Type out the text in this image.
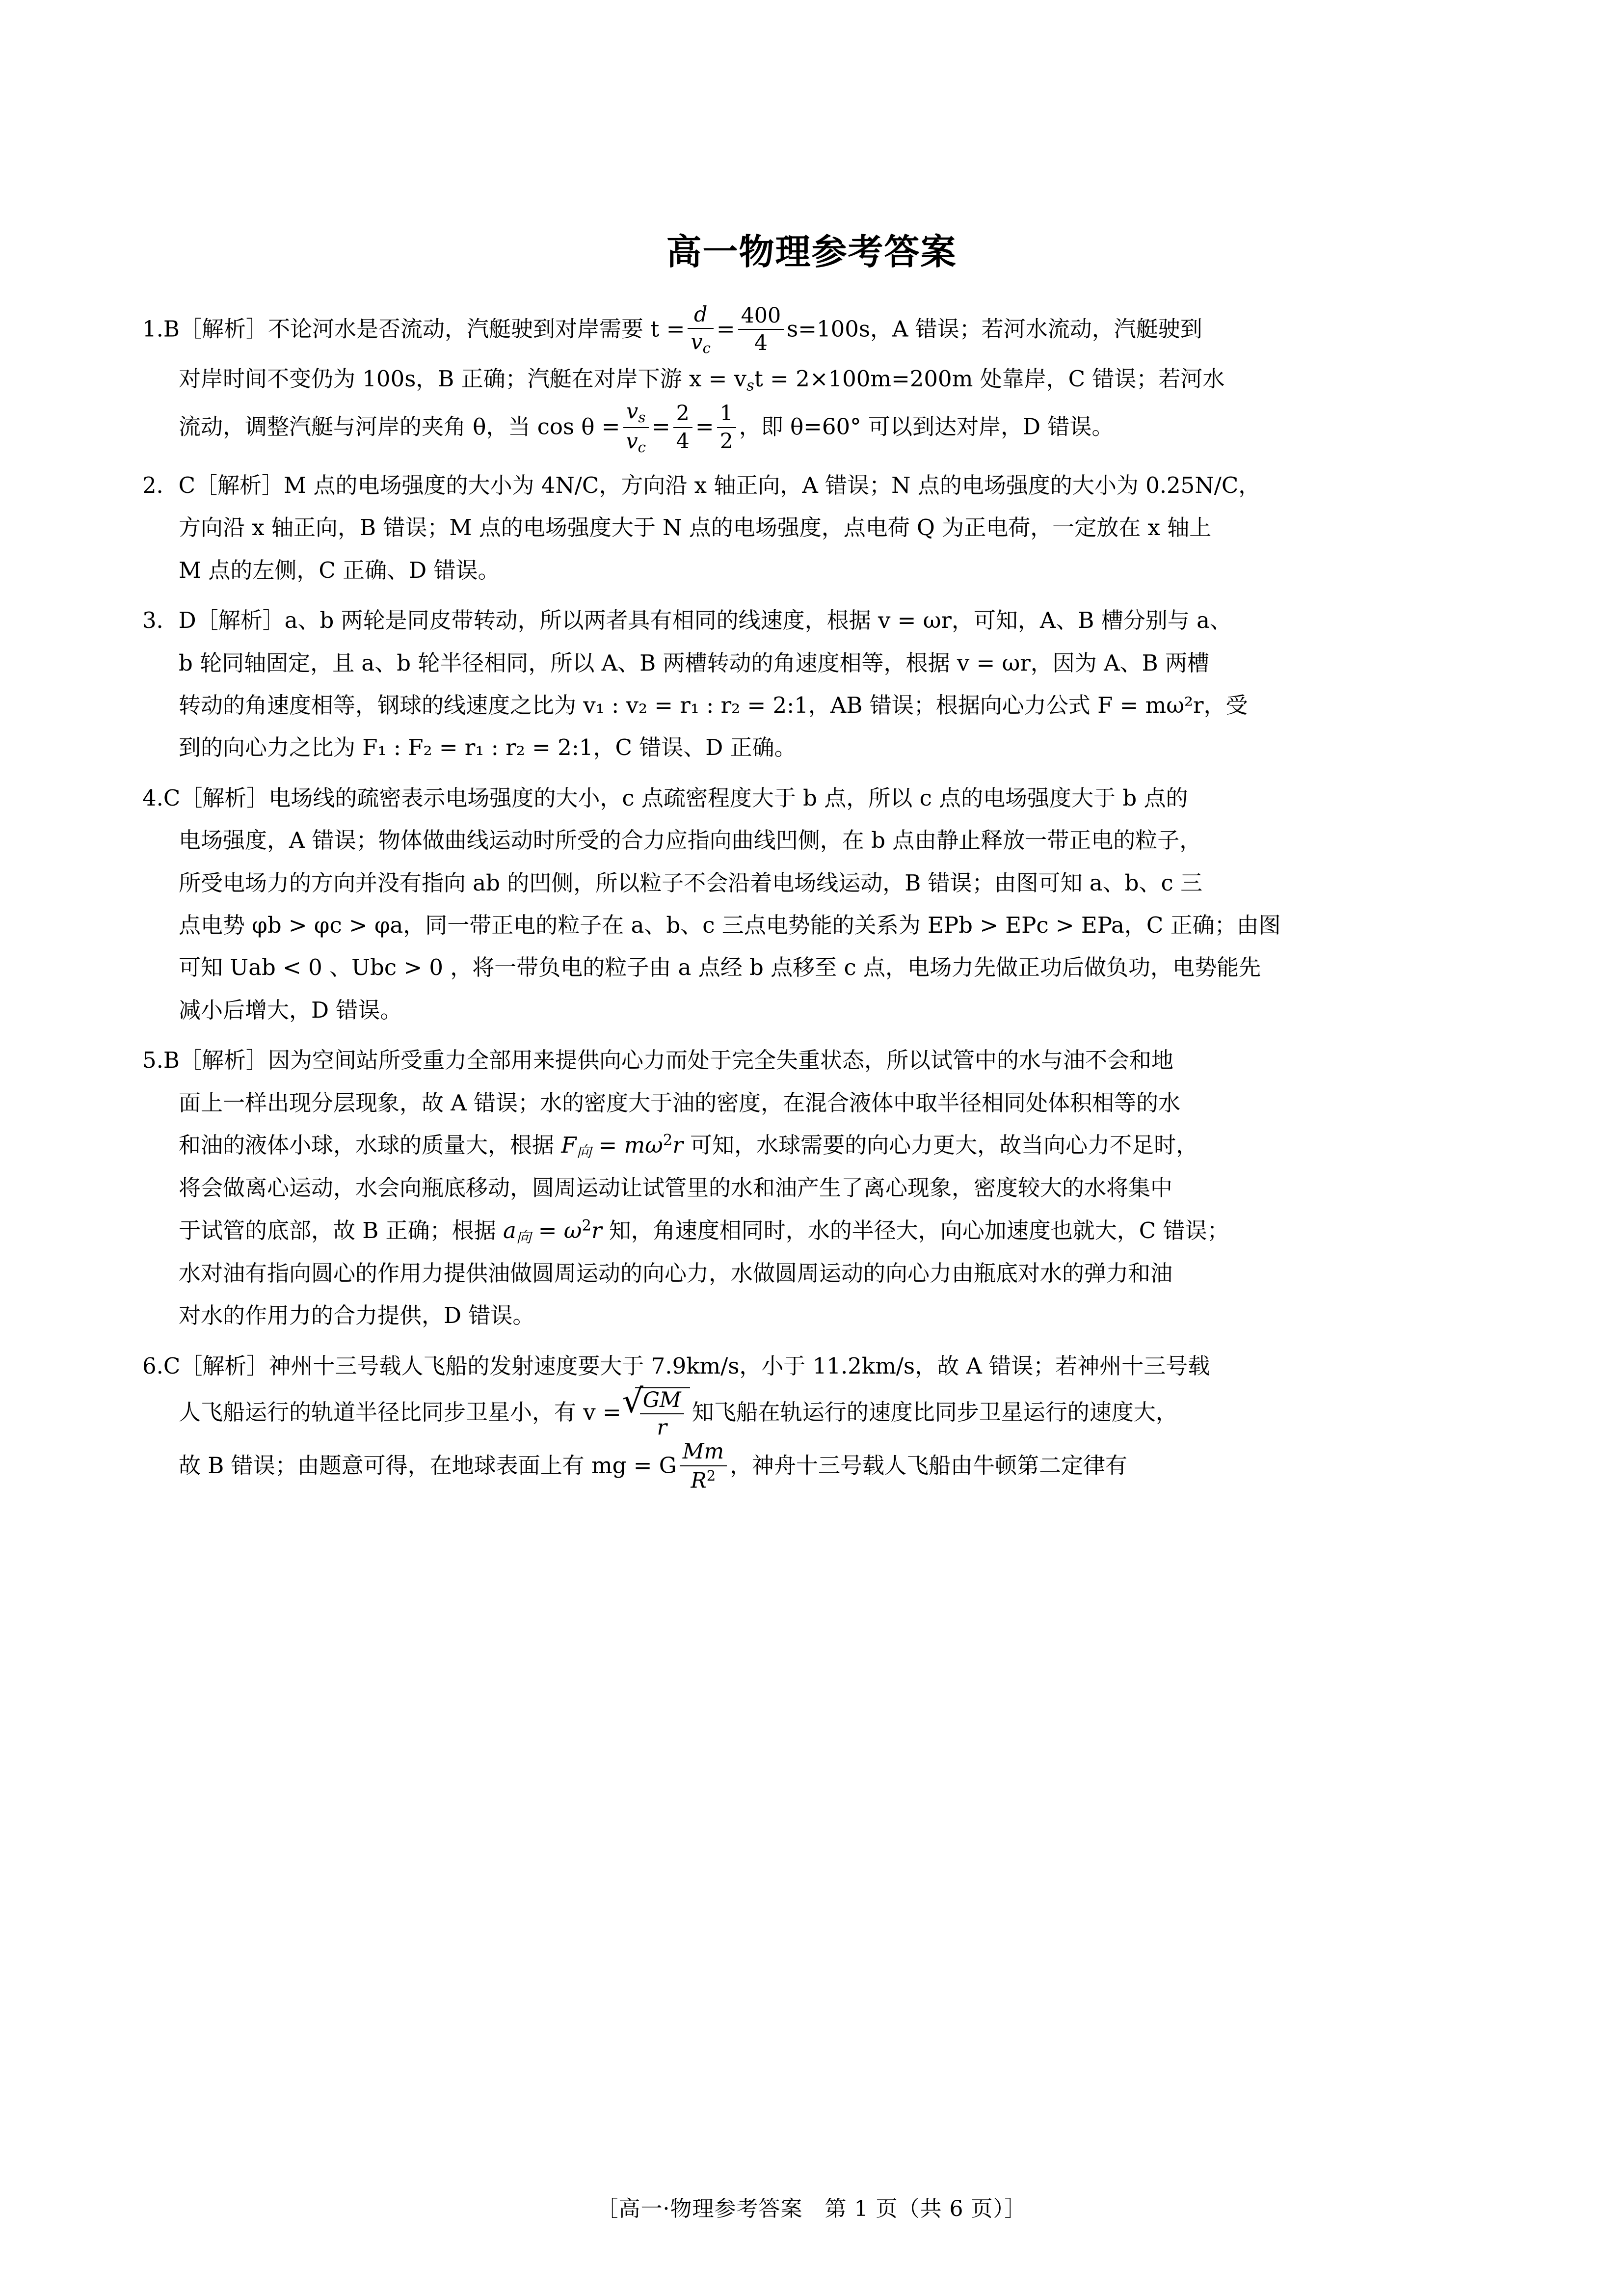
高一物理参考答案

1.B［解析］不论河水是否流动，汽艇驶到对岸需要 $t = \frac{d}{v_c} = \frac{400}{4} s=100s$，A 错误；若河水流动，汽艇驶到

对岸时间不变仍为 100s，B 正确；汽艇在对岸下游 $x = v_st = 2\times 100m=200m$ 处靠岸，C 错误；若河水

流动，调整汽艇与河岸的夹角 θ，当 $\cos \theta = \frac{v_s}{v_c} = \frac{2}{4} = \frac{1}{2}$ ，即 θ=60° 可以到达对岸，D 错误。

2．C［解析］M 点的电场强度的大小为 4N/C，方向沿 x 轴正向，A 错误；N 点的电场强度的大小为 0.25N/C，

方向沿 x 轴正向，B 错误；M 点的电场强度大于 N 点的电场强度，点电荷 Q 为正电荷，一定放在 x 轴上

M 点的左侧，C 正确、D 错误。

3．D［解析］a、b 两轮是同皮带转动，所以两者具有相同的线速度，根据 v = ωr，可知，A、B 槽分别与 a、

b 轮同轴固定，且 a、b 轮半径相同，所以 A、B 两槽转动的角速度相等，根据 v = ωr，因为 A、B 两槽

转动的角速度相等，钢球的线速度之比为 v₁ : v₂ = r₁ : r₂ = 2:1，AB 错误；根据向心力公式 F = mω²r，受

到的向心力之比为 F₁ : F₂ = r₁ : r₂ = 2:1，C 错误、D 正确。

4.C［解析］电场线的疏密表示电场强度的大小，c 点疏密程度大于 b 点，所以 c 点的电场强度大于 b 点的

电场强度，A 错误；物体做曲线运动时所受的合力应指向曲线凹侧，在 b 点由静止释放一带正电的粒子，

所受电场力的方向并没有指向 ab 的凹侧，所以粒子不会沿着电场线运动，B 错误；由图可知 a、b、c 三

点电势 φb > φc > φa，同一带正电的粒子在 a、b、c 三点电势能的关系为 EPb > EPc > EPa，C 正确；由图

可知 Uab < 0 、Ubc > 0 ，将一带负电的粒子由 a 点经 b 点移至 c 点，电场力先做正功后做负功，电势能先

减小后增大，D 错误。

5.B［解析］因为空间站所受重力全部用来提供向心力而处于完全失重状态，所以试管中的水与油不会和地

面上一样出现分层现象，故 A 错误；水的密度大于油的密度，在混合液体中取半径相同处体积相等的水

和油的液体小球，水球的质量大，根据 $F_向 = m\omega^2r$ 可知，水球需要的向心力更大，故当向心力不足时，

将会做离心运动，水会向瓶底移动，圆周运动让试管里的水和油产生了离心现象，密度较大的水将集中

于试管的底部，故 B 正确；根据 $a_向 = \omega^2r$ 知，角速度相同时，水的半径大，向心加速度也就大，C 错误；

水对油有指向圆心的作用力提供油做圆周运动的向心力，水做圆周运动的向心力由瓶底对水的弹力和油

对水的作用力的合力提供，D 错误。

6.C［解析］神州十三号载人飞船的发射速度要大于 7.9km/s，小于 11.2km/s，故 A 错误；若神州十三号载

人飞船运行的轨道半径比同步卫星小，有 v = √ $\frac{GM}{r}$ 知飞船在轨运行的速度比同步卫星运行的速度大，

故 B 错误；由题意可得，在地球表面上有 mg = G $\frac{Mm}{R^2}$ ，神舟十三号载人飞船由牛顿第二定律有

［高一·物理参考答案　第 1 页（共 6 页）］
